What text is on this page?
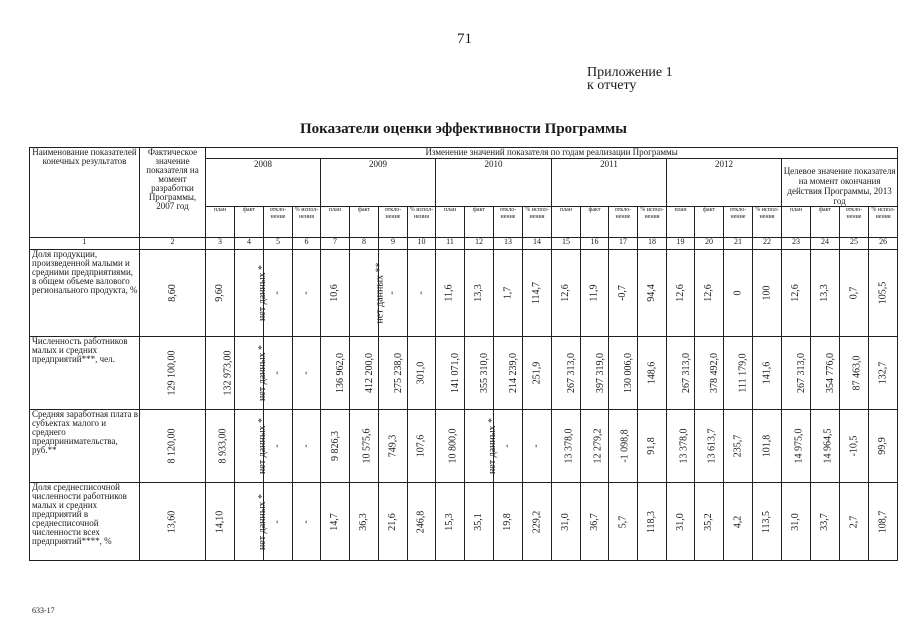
71
Приложение 1
к отчету
Показатели оценки эффективности Программы
Наименование показателей конечных результатов	Фактическое значение показателя на момент разработки Программы, 2007 год	Изменение значений показателя по годам реализации Программы																							
		2008				2009				2010				2011				2012				Целевое значение показателя на момент окончания действия Программы, 2013 год			
		план	факт	откло-нение	% испол-нения	план	факт	откло-нение	% испол-нения	план	факт	откло-нение	% испол-нения	план	факт	откло-нение	% испол-нения	план	факт	откло-нение	% испол-нения	план	факт	откло-нение	% испол-нения
1	2	3	4	5	6	7	8	9	10	11	12	13	14	15	16	17	18	19	20	21	22	23	24	25	26
Доля продукции, произведенной малыми и средними предприятиями, в общем объеме валового регионального продукта, %	8,60	9,60	нет данных *	-	-	10,6	нет данных **	-	-	11,6	13,3	1,7	114,7	12,6	11,9	-0,7	94,4	12,6	12,6	0	100	12,6	13,3	0,7	105,5
Численность работников малых и средних предприятий***, чел.	129 100,00	132 973,00	нет данных *	-	-	136 962,0	412 200,0	275 238,0	301,0	141 071,0	355 310,0	214 239,0	251,9	267 313,0	397 319,0	130 006,0	148,6	267 313,0	378 492,0	111 179,0	141,6	267 313,0	354 776,0	87 463,0	132,7
Средняя заработная плата в субъектах малого и среднего предпринимательства, руб.**	8 120,00	8 933,00	нет данных *	-	-	9 826,3	10 575,6	749,3	107,6	10 800,0	нет данных *	-	-	13 378,0	12 279,2	-1 098,8	91,8	13 378,0	13 613,7	235,7	101,8	14 975,0	14 964,5	-10,5	99,9
Доля среднесписочной численности работников малых и средних предприятий в среднесписочной численности всех предприятий****, %	13,60	14,10	нет данных *	-	-	14,7	36,3	21,6	246,8	15,3	35,1	19,8	229,2	31,0	36,7	5,7	118,3	31,0	35,2	4,2	113,5	31,0	33,7	2,7	108,7
633-17
